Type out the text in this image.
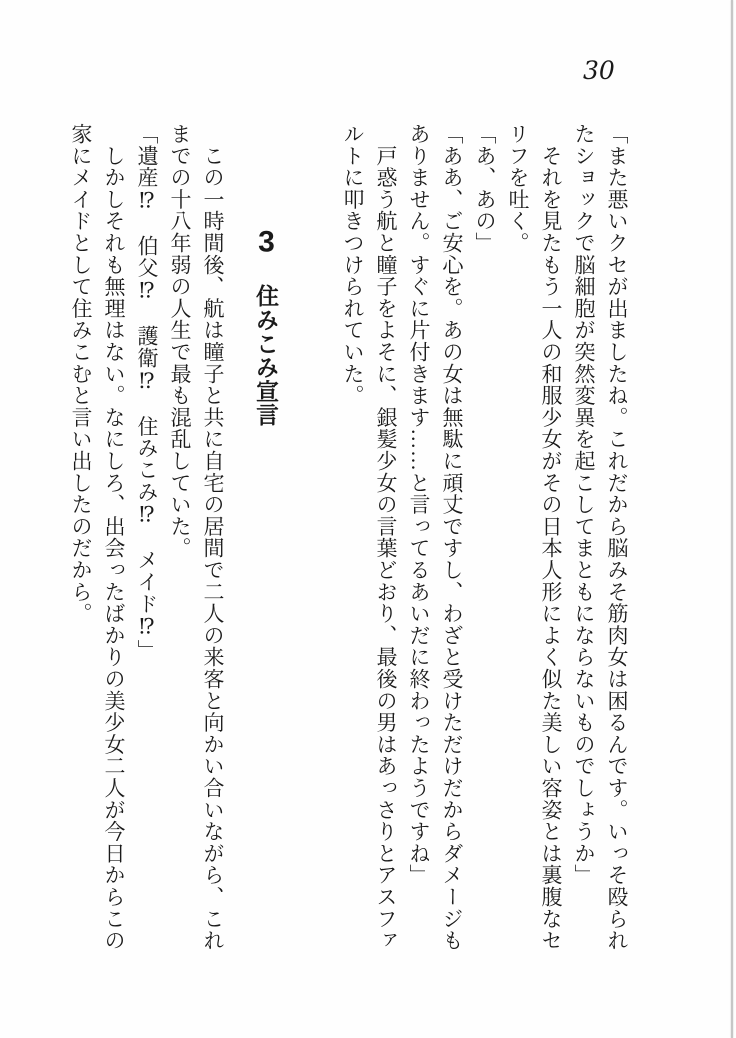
30

「また悪いクセが出ましたね。これだから脳みそ筋肉女は困るんです。いっそ殴られ

たショックで脳細胞が突然変異を起こしてまともにならないものでしょうか」

　それを見たもう一人の和服少女がその日本人形によく似た美しい容姿とは裏腹なセ

リフを吐く。

「あ、あの」

「ああ、ご安心を。あの女は無駄に頑丈ですし、わざと受けただけだからダメージも

ありません。すぐに片付きます……と言ってるあいだに終わったようですね」

　戸惑う航と瞳子をよそに、銀髪少女の言葉どおり、最後の男はあっさりとアスファ

ルトに叩きつけられていた。

3 住みこみ宣言

　この一時間後、航は瞳子と共に自宅の居間で二人の来客と向かい合いながら、これ

までの十八年弱の人生で最も混乱していた。

「遺産⁉　伯父⁉　護衛⁉　住みこみ⁉　メイド⁉」

　しかしそれも無理はない。なにしろ、出会ったばかりの美少女二人が今日からこの

家にメイドとして住みこむと言い出したのだから。
